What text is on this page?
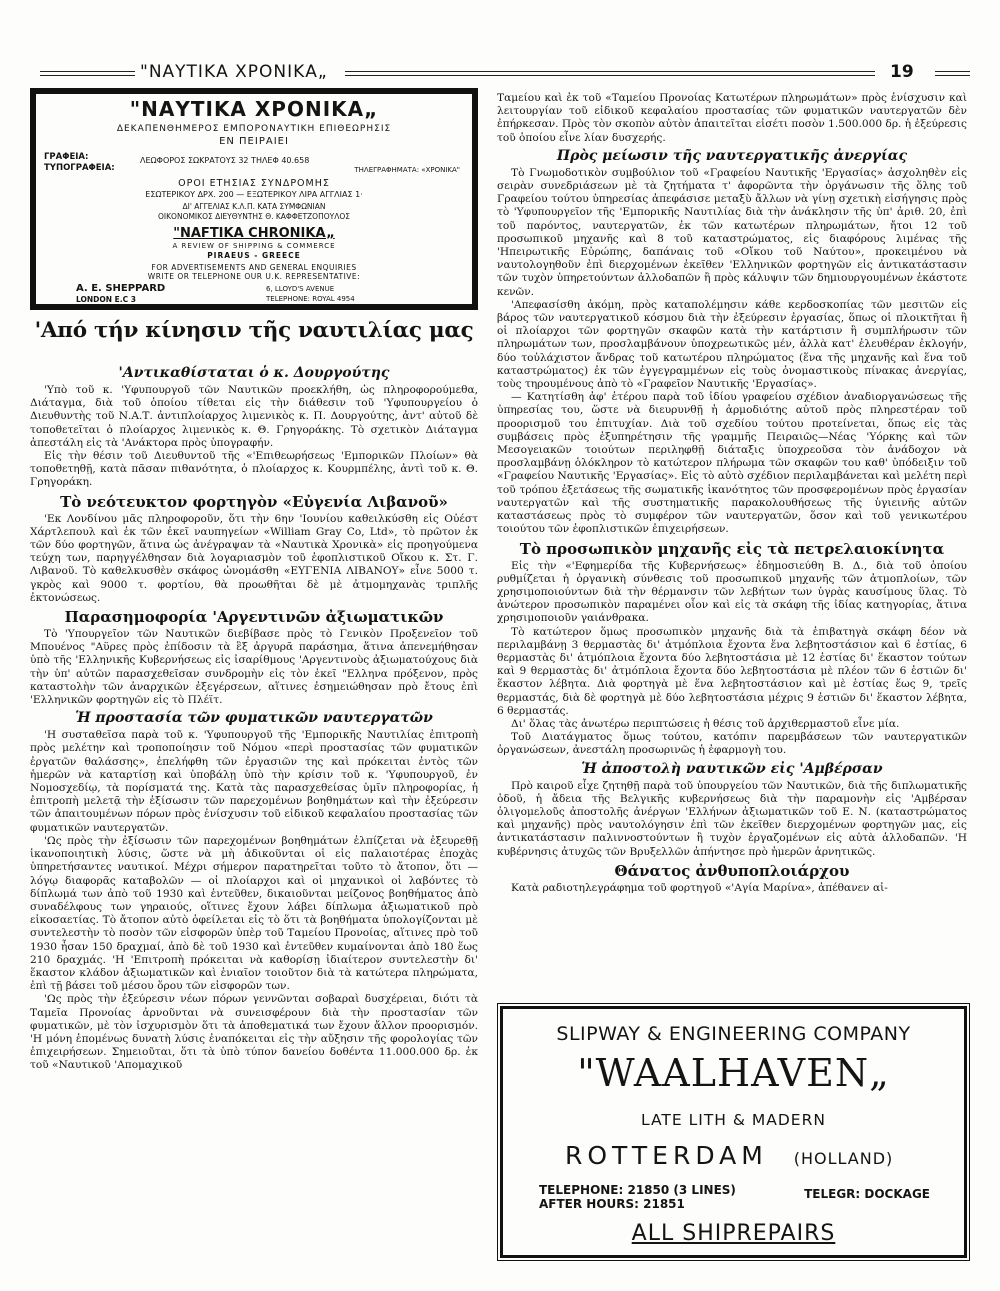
"ΝΑΥΤΙΚΑ ΧΡΟΝΙΚΑ„	19
"ΝΑΥΤΙΚΑ ΧΡΟΝΙΚΑ„
ΔΕΚΑΠΕΝΘΗΜΕΡΟΣ ΕΜΠΟΡΟΝΑΥΤΙΚΗ ΕΠΙΘΕΩΡΗΣΙΣ
ΕΝ ΠΕΙΡΑΙΕΙ
ΓΡΑΦΕΙΑ:
ΤΥΠΟΓΡΑΦΕΙΑ:
ΛΕΩΦΟΡΟΣ ΣΩΚΡΑΤΟΥΣ 32 ΤΗΛΕΦ 40.658
ΤΗΛΕΓΡΑΦΗΜΑΤΑ: «ΧΡΟΝΙΚΑ"
ΟΡΟΙ ΕΤΗΣΙΑΣ ΣΥΝΔΡΟΜΗΣ
ΕΣΩΤΕΡΙΚΟΥ ΔΡΧ. 200 — ΕΞΩΤΕΡΙΚΟΥ ΛΙΡΑ ΑΓΓΛΙΑΣ 1·
ΔΙ' ΑΓΓΕΛΙΑΣ Κ.Λ.Π. ΚΑΤΑ ΣΥΜΦΩΝΙΑΝ
ΟΙΚΟΝΟΜΙΚΟΣ ΔΙΕΥΘΥΝΤΗΣ Θ. ΚΑΦΦΕΤΖΟΠΟΥΛΟΣ
"NAFTIKA CHRONIKA„
A REVIEW OF SHIPPING & COMMERCE
PIRAEUS - GREECE
FOR ADVERTISEMENTS AND GENERAL ENQUIRIES
WRITE OR TELEPHONE OUR U.K. REPRESENTATIVE:
A. E. SHEPPARD	6, LLOYD'S AVENUE
LONDON E.C 3	TELEPHONE: ROYAL 4954
'Από τήν κίνησιν τῆς ναυτιλίας μας
'Αντικαθίσταται ὁ κ. Δουργούτης

'Υπὸ τοῦ κ. 'Υφυπουργοῦ τῶν Ναυτικῶν προεκλήθη, ὡς πληροφορούμεθα, Διάταγμα, διὰ τοῦ ὁποίου τίθεται εἰς τὴν διάθεσιν τοῦ 'Υφυπουργείου ὁ Διευθυντὴς τοῦ Ν.Α.Τ. ἀντιπλοίαρχος λιμενικὸς κ. Π. Δουργούτης, ἀντ' αὐτοῦ δὲ τοποθετεῖται ὁ πλοίαρχος λιμενικὸς κ. Θ. Γρηγοράκης. Τὸ σχετικὸν Διάταγμα ἀπεστάλη εἰς τὰ 'Ανάκτορα πρὸς ὑπογραφήν.

Εἰς τὴν θέσιν τοῦ Διευθυντοῦ τῆς «'Επιθεωρήσεως 'Εμπορικῶν Πλοίων» θὰ τοποθετηθῇ, κατὰ πᾶσαν πιθανότητα, ὁ πλοίαρχος κ. Κουρμπέλης, ἀντὶ τοῦ κ. Θ. Γρηγοράκη.

Τὸ νεότευκτον φορτηγὸν «Εὐγενία Λιβανοῦ»

'Εκ Λονδίνου μᾶς πληροφοροῦν, ὅτι τὴν 6ην 'Ιουνίου καθειλκύσθη εἰς Οὐέστ Χάρτλεπουλ καὶ ἐκ τῶν ἐκεῖ ναυπηγείων «William Gray Co, Ltd», τὸ πρῶτον ἐκ τῶν δύο φορτηγῶν, ἅτινα ὡς ἀνέγραψαν τὰ «Ναυτικὰ Χρονικὰ» εἰς προηγούμενα τεύχη των, παρηγγέλθησαν διὰ λογαριασμὸν τοῦ ἐφοπλιστικοῦ Οἴκου κ. Στ. Γ. Λιβανοῦ. Τὸ καθελκυσθὲν σκάφος ὠνομάσθη «ΕΥΓΕΝΙΑ ΛΙΒΑΝΟΥ» εἶνε 5000 τ. γκρὸς καὶ 9000 τ. φορτίου, θὰ προωθῆται δὲ μὲ ἀτμομηχανὰς τριπλῆς ἐκτονώσεως.

Παρασημοφορία 'Αργεντινῶν ἀξιωματικῶν

Τὸ 'Υπουργεῖον τῶν Ναυτικῶν διεβίβασε πρὸς τὸ Γενικὸν Προξενεῖον τοῦ Μπουένος "Αϋρες πρὸς ἐπίδοσιν τὰ ἓξ ἀργυρᾶ παράσημα, ἅτινα ἀπενεμήθησαν ὑπὸ τῆς 'Ελληνικῆς Κυβερνήσεως εἰς ἰσαρίθμους 'Αργεντινοὺς ἀξιωματούχους διὰ τὴν ὑπ' αὐτῶν παρασχεθεῖσαν συνδρομὴν εἰς τὸν ἐκεῖ "Ελληνα πρόξενον, πρὸς καταστολὴν τῶν ἀναρχικῶν ἐξεγέρσεων, αἵτινες ἐσημειώθησαν πρὸ ἔτους ἐπὶ 'Ελληνικῶν φορτηγῶν εἰς τὸ Πλέϊτ.

Ἡ προστασία τῶν φυματικῶν ναυτεργατῶν

'Η συσταθεῖσα παρὰ τοῦ κ. 'Υφυπουργοῦ τῆς 'Εμπορικῆς Ναυτιλίας ἐπιτροπὴ πρὸς μελέτην καὶ τροποποίησιν τοῦ Νόμου «περὶ προστασίας τῶν φυματικῶν ἐργατῶν θαλάσσης», ἐπελήφθη τῶν ἐργασιῶν της καὶ πρόκειται ἐντὸς τῶν ἡμερῶν νὰ καταρτίσῃ καὶ ὑποβάλῃ ὑπὸ τὴν κρίσιν τοῦ κ. 'Υφυπουργοῦ, ἐν Νομοσχεδίῳ, τὰ πορίσματά της. Κατὰ τὰς παρασχεθείσας ὑμῖν πληροφορίας, ἡ ἐπιτροπὴ μελετᾷ τὴν ἐξίσωσιν τῶν παρεχομένων βοηθημάτων καὶ τὴν ἐξεύρεσιν τῶν ἀπαιτουμένων πόρων πρὸς ἐνίσχυσιν τοῦ εἰδικοῦ κεφαλαίου προστασίας τῶν φυματικῶν ναυτεργατῶν.

'Ως πρὸς τὴν ἐξίσωσιν τῶν παρεχομένων βοηθημάτων ἐλπίζεται νὰ ἐξευρεθῇ ἱκανοποιητικὴ λύσις, ὥστε νὰ μὴ ἀδικοῦνται οἱ εἰς παλαιοτέρας ἐποχὰς ὑπηρετήσαντες ναυτικοί. Μέχρι σήμερον παρατηρεῖται τοῦτο τὸ ἄτοπον, ὅτι — λόγῳ διαφορᾶς καταβολῶν — οἱ πλοίαρχοι καὶ οἱ μηχανικοὶ οἱ λαβόντες τὸ δίπλωμά των ἀπὸ τοῦ 1930 καὶ ἐντεῦθεν, δικαιοῦνται μείζονος βοηθήματος ἀπὸ συναδέλφους των γηραιούς, οἵτινες ἔχουν λάβει δίπλωμα ἀξιωματικοῦ πρὸ εἰκοσαετίας. Τὸ ἄτοπον αὐτὸ ὀφείλεται εἰς τὸ ὅτι τὰ βοηθήματα ὑπολογίζονται μὲ συντελεστὴν τὸ ποσὸν τῶν εἰσφορῶν ὑπὲρ τοῦ Ταμείου Προνοίας, αἵτινες πρὸ τοῦ 1930 ἦσαν 150 δραχμαί, ἀπὸ δὲ τοῦ 1930 καὶ ἐντεῦθεν κυμαίνονται ἀπὸ 180 ἕως 210 δραχμάς. 'Η 'Επιτροπὴ πρόκειται νὰ καθορίσῃ ἰδιαίτερον συντελεστὴν δι' ἕκαστον κλάδον ἀξιωματικῶν καὶ ἑνιαῖον τοιοῦτον διὰ τὰ κατώτερα πληρώματα, ἐπὶ τῇ βάσει τοῦ μέσου ὅρου τῶν εἰσφορῶν των.

'Ως πρὸς τὴν ἐξεύρεσιν νέων πόρων γεννῶνται σοβαραὶ δυσχέρειαι, διότι τὰ Ταμεῖα Προνοίας ἀρνοῦνται νὰ συνεισφέρουν διὰ τὴν προστασίαν τῶν φυματικῶν, μὲ τὸν ἰσχυρισμὸν ὅτι τὰ ἀποθεματικά των ἔχουν ἄλλον προορισμόν. 'Η μόνη ἑπομένως δυνατὴ λύσις ἐναπόκειται εἰς τὴν αὔξησιν τῆς φορολογίας τῶν ἐπιχειρήσεων. Σημειοῦται, ὅτι τὰ ὑπὸ τύπον δανείου δοθέντα 11.000.000 δρ. ἐκ τοῦ «Ναυτικοῦ 'Απομαχικοῦ

Ταμείου καὶ ἐκ τοῦ «Ταμείου Προνοίας Κατωτέρων πληρωμάτων» πρὸς ἐνίσχυσιν καὶ λειτουργίαν τοῦ εἰδικοῦ κεφαλαίου προστασίας τῶν φυματικῶν ναυτεργατῶν δὲν ἐπήρκεσαν. Πρὸς τὸν σκοπὸν αὐτὸν ἀπαιτεῖται εἰσέτι ποσὸν 1.500.000 δρ. ἡ ἐξεύρεσις τοῦ ὁποίου εἶνε λίαν δυσχερής.

Πρὸς μείωσιν τῆς ναυτεργατικῆς ἀνεργίας

Τὸ Γνωμοδοτικὸν συμβούλιον τοῦ «Γραφείου Ναυτικῆς 'Εργασίας» ἀσχοληθὲν εἰς σειρὰν συνεδριάσεων μὲ τὰ ζητήματα τ' ἀφορῶντα τὴν ὀργάνωσιν τῆς ὅλης τοῦ Γραφείου τούτου ὑπηρεσίας ἀπεφάσισε μεταξὺ ἄλλων νὰ γίνῃ σχετικὴ εἰσήγησις πρὸς τὸ 'Υφυπουργεῖον τῆς 'Εμπορικῆς Ναυτιλίας διὰ τὴν ἀνάκλησιν τῆς ὑπ' ἀριθ. 20, ἐπὶ τοῦ παρόντος, ναυτεργατῶν, ἐκ τῶν κατωτέρων πληρωμάτων, ἤτοι 12 τοῦ προσωπικοῦ μηχανῆς καὶ 8 τοῦ καταστρώματος, εἰς διαφόρους λιμένας τῆς 'Ηπειρωτικῆς Εὐρώπης, δαπάναις τοῦ «Οἴκου τοῦ Ναύτου», προκειμένου νὰ ναυτολογηθοῦν ἐπὶ διερχομένων ἐκεῖθεν 'Ελληνικῶν φορτηγῶν εἰς ἀντικατάστασιν τῶν τυχὸν ὑπηρετούντων ἀλλοδαπῶν ἢ πρὸς κάλυψιν τῶν δημιουργουμένων ἑκάστοτε κενῶν.

'Απεφασίσθη ἀκόμη, πρὸς καταπολέμησιν κάθε κερδοσκοπίας τῶν μεσιτῶν εἰς βάρος τῶν ναυτεργατικοῦ κόσμου διὰ τὴν ἐξεύρεσιν ἐργασίας, ὅπως οἱ πλοικτῆται ἢ οἱ πλοίαρχοι τῶν φορτηγῶν σκαφῶν κατὰ τὴν κατάρτισιν ἢ συμπλήρωσιν τῶν πληρωμάτων των, προσλαμβάνουν ὑποχρεωτικῶς μέν, ἀλλὰ κατ' ἐλευθέραν ἐκλογήν, δύο τοὐλάχιστον ἄνδρας τοῦ κατωτέρου πληρώματος (ἕνα τῆς μηχανῆς καὶ ἕνα τοῦ καταστρώματος) ἐκ τῶν ἐγγεγραμμένων εἰς τοὺς ὀνομαστικοὺς πίνακας ἀνεργίας, τοὺς τηρουμένους ἀπὸ τὸ «Γραφεῖον Ναυτικῆς 'Εργασίας».

— Κατητίσθη ἀφ' ἑτέρου παρὰ τοῦ ἰδίου γραφείου σχέδιον ἀναδιοργανώσεως τῆς ὑπηρεσίας του, ὥστε νὰ διευρυνθῇ ἡ ἁρμοδιότης αὐτοῦ πρὸς πληρεστέραν τοῦ προορισμοῦ του ἐπιτυχίαν. Διὰ τοῦ σχεδίου τούτου προτείνεται, ὅπως εἰς τὰς συμβάσεις πρὸς ἐξυπηρέτησιν τῆς γραμμῆς Πειραιῶς—Νέας 'Υόρκης καὶ τῶν Μεσογειακῶν τοιούτων περιληφθῇ διάταξις ὑποχρεοῦσα τὸν ἀνάδοχον νὰ προσλαμβάνῃ ὁλόκληρον τὸ κατώτερον πλήρωμα τῶν σκαφῶν του καθ' ὑπόδειξιν τοῦ «Γραφείου Ναυτικῆς 'Εργασίας». Εἰς τὸ αὐτὸ σχέδιον περιλαμβάνεται καὶ μελέτη περὶ τοῦ τρόπου ἐξετάσεως τῆς σωματικῆς ἱκανότητος τῶν προσφερομένων πρὸς ἐργασίαν ναυτεργατῶν καὶ τῆς συστηματικῆς παρακολουθήσεως τῆς ὑγιεινῆς αὐτῶν καταστάσεως πρὸς τὸ συμφέρον τῶν ναυτεργατῶν, ὅσον καὶ τοῦ γενικωτέρου τοιούτου τῶν ἐφοπλιστικῶν ἐπιχειρήσεων.

Τὸ προσωπικὸν μηχανῆς εἰς τὰ πετρελαιοκίνητα

Εἰς τὴν «'Εφημερίδα τῆς Κυβερνήσεως» ἐδημοσιεύθη Β. Δ., διὰ τοῦ ὁποίου ρυθμίζεται ἡ ὀργανικὴ σύνθεσις τοῦ προσωπικοῦ μηχανῆς τῶν ἀτμοπλοίων, τῶν χρησιμοποιούντων διὰ τὴν θέρμανσιν τῶν λεβήτων των ὑγρὰς καυσίμους ὕλας. Τὸ ἀνώτερον προσωπικὸν παραμένει οἷον καὶ εἰς τὰ σκάφη τῆς ἰδίας κατηγορίας, ἅτινα χρησιμοποιοῦν γαιάνθρακα.

Τὸ κατώτερον ὅμως προσωπικὸν μηχανῆς διὰ τὰ ἐπιβατηγὰ σκάφη δέον νὰ περιλαμβάνῃ 3 θερμαστὰς δι' ἀτμόπλοια ἔχοντα ἕνα λεβητοστάσιον καὶ 6 ἑστίας, 6 θερμαστὰς δι' ἀτμόπλοια ἔχοντα δύο λεβητοστάσια μὲ 12 ἑστίας δι' ἕκαστον τούτων καὶ 9 θερμαστὰς δι' ἀτμόπλοια ἔχοντα δύο λεβητοστάσια μὲ πλέον τῶν 6 ἑστιῶν δι' ἕκαστον λέβητα. Διὰ φορτηγὰ μὲ ἕνα λεβητοστάσιον καὶ μὲ ἑστίας ἕως 9, τρεῖς θερμαστάς, διὰ δὲ φορτηγὰ μὲ δύο λεβητοστάσια μέχρις 9 ἑστιῶν δι' ἕκαστον λέβητα, 6 θερμαστάς.

Δι' ὅλας τὰς ἀνωτέρω περιπτώσεις ἡ θέσις τοῦ ἀρχιθερμαστοῦ εἶνε μία.

Τοῦ Διατάγματος ὅμως τούτου, κατόπιν παρεμβάσεων τῶν ναυτεργατικῶν ὀργανώσεων, ἀνεστάλη προσωρινῶς ἡ ἐφαρμογὴ του.

Ἡ ἀποστολὴ ναυτικῶν εἰς 'Αμβέρσαν

Πρὸ καιροῦ εἶχε ζητηθῇ παρὰ τοῦ ὑπουργείου τῶν Ναυτικῶν, διὰ τῆς διπλωματικῆς ὁδοῦ, ἡ ἄδεια τῆς Βελγικῆς κυβερνήσεως διὰ τὴν παραμονὴν εἰς 'Αμβέρσαν ὀλιγομελοῦς ἀποστολῆς ἀνέργων 'Ελλήνων ἀξιωματικῶν τοῦ Ε. Ν. (καταστρώματος καὶ μηχανῆς) πρὸς ναυτολόγησιν ἐπὶ τῶν ἐκεῖθεν διερχομένων φορτηγῶν μας, εἰς ἀντικατάστασιν παλιννοστούντων ἢ τυχὸν ἐργαζομένων εἰς αὐτὰ ἀλλοδαπῶν. 'Η κυβέρνησις ἀτυχῶς τῶν Βρυξελλῶν ἀπήντησε πρὸ ἡμερῶν ἀρνητικῶς.

Θάνατος ἀνθυποπλοιάρχου

Κατὰ ραδιοτηλεγράφημα τοῦ φορτηγοῦ «'Αγία Μαρίνα», ἀπέθανεν αἰ-

SLIPWAY & ENGINEERING COMPANY
"WAALHAVEN„
LATE LITH & MADERN
ROTTERDAM (HOLLAND)
TELEPHONE: 21850 (3 LINES)
AFTER HOURS: 21851
TELEGR: DOCKAGE
ALL SHIPREPAIRS
